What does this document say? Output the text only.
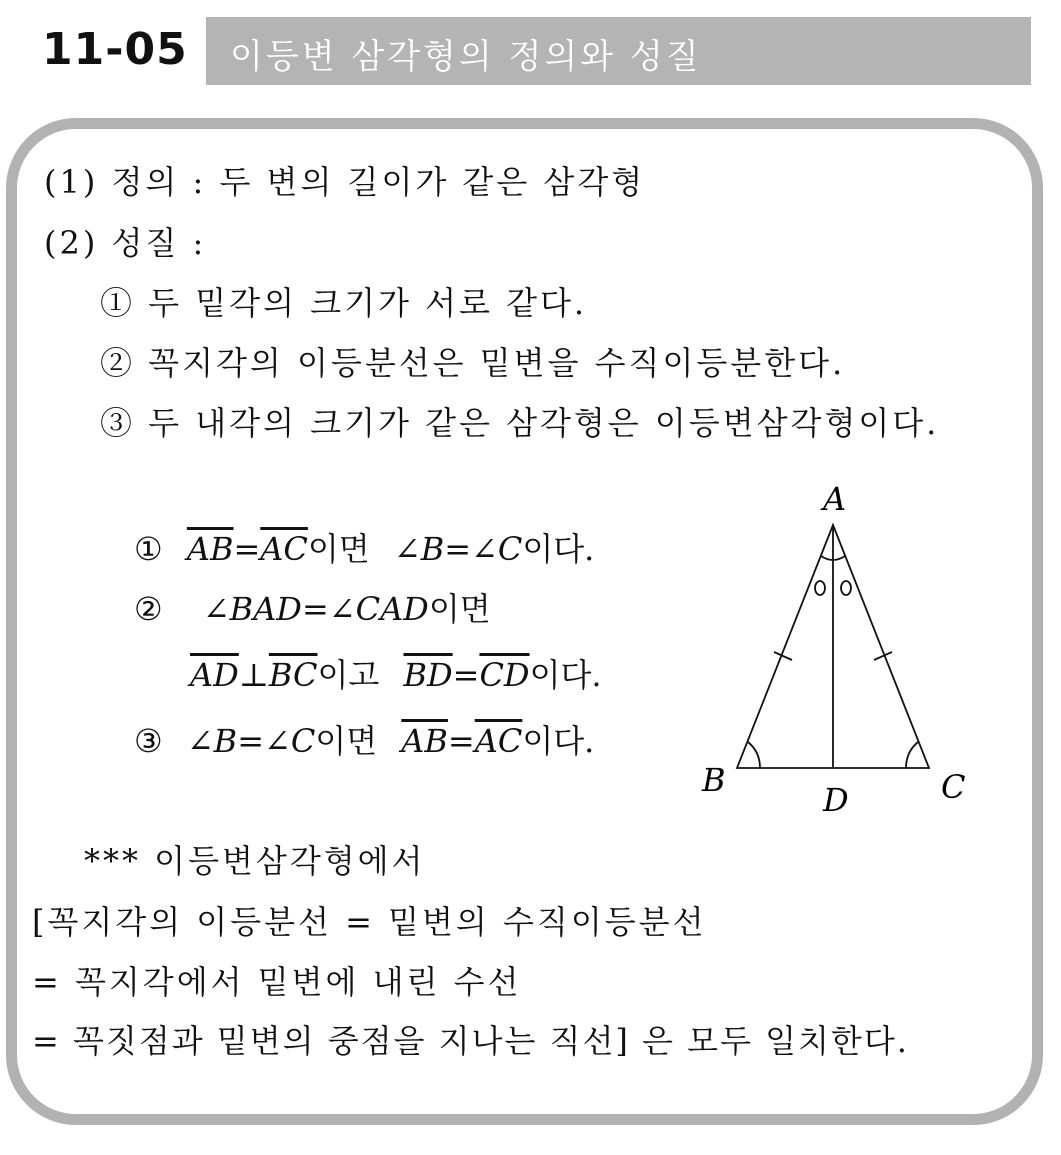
11-05 이등변 삼각형의 정의와 성질
(1) 정의 : 두 변의 길이가 같은 삼각형
(2) 성질 :
① 두 밑각의 크기가 서로 같다.
② 꼭지각의 이등분선은 밑변을 수직이등분한다.
③ 두 내각의 크기가 같은 삼각형은 이등변삼각형이다.
① $\overline{AB}=\overline{AC}$이면 ∠B=∠C이다.
② ∠BAD=∠CAD이면
$\overline{AD}\perp\overline{BC}$이고 $\overline{BD}=\overline{CD}$이다.
③ ∠B=∠C이면 $\overline{AB}=\overline{AC}$이다.
A
B	C
D
*** 이등변삼각형에서
[꼭지각의 이등분선 = 밑변의 수직이등분선
= 꼭지각에서 밑변에 내린 수선
= 꼭짓점과 밑변의 중점을 지나는 직선] 은 모두 일치한다.
